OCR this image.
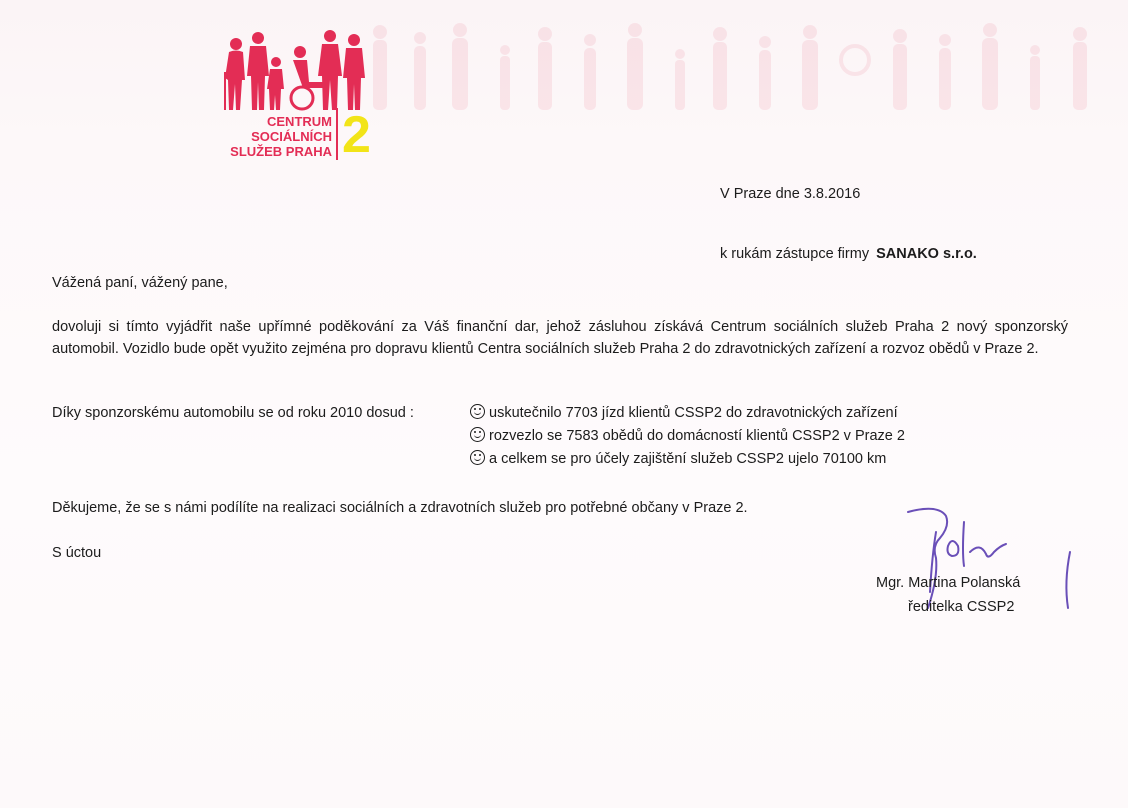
CENTRUM
SOCIÁLNÍCH
SLUŽEB PRAHA 2
V Praze dne 3.8.2016
k rukám zástupce firmy SANAKO s.r.o.
Vážená paní, vážený pane,
dovoluji si tímto vyjádřit naše upřímné poděkování za Váš finanční dar, jehož zásluhou získává Centrum sociálních služeb Praha 2 nový sponzorský automobil. Vozidlo bude opět využito zejména pro dopravu klientů Centra sociálních služeb Praha 2 do zdravotnických zařízení a rozvoz obědů v Praze 2.
Díky sponzorskému automobilu se od roku 2010 dosud :	uskutečnilo 7703 jízd klientů CSSP2 do zdravotnických zařízení
rozvezlo se 7583 obědů do domácností klientů CSSP2 v Praze 2
a celkem se pro účely zajištění služeb CSSP2 ujelo 70100 km
Děkujeme, že se s námi podílíte na realizaci sociálních a zdravotních služeb pro potřebné občany v Praze 2.
S úctou
Mgr. Martina Polanská
ředitelka CSSP2
